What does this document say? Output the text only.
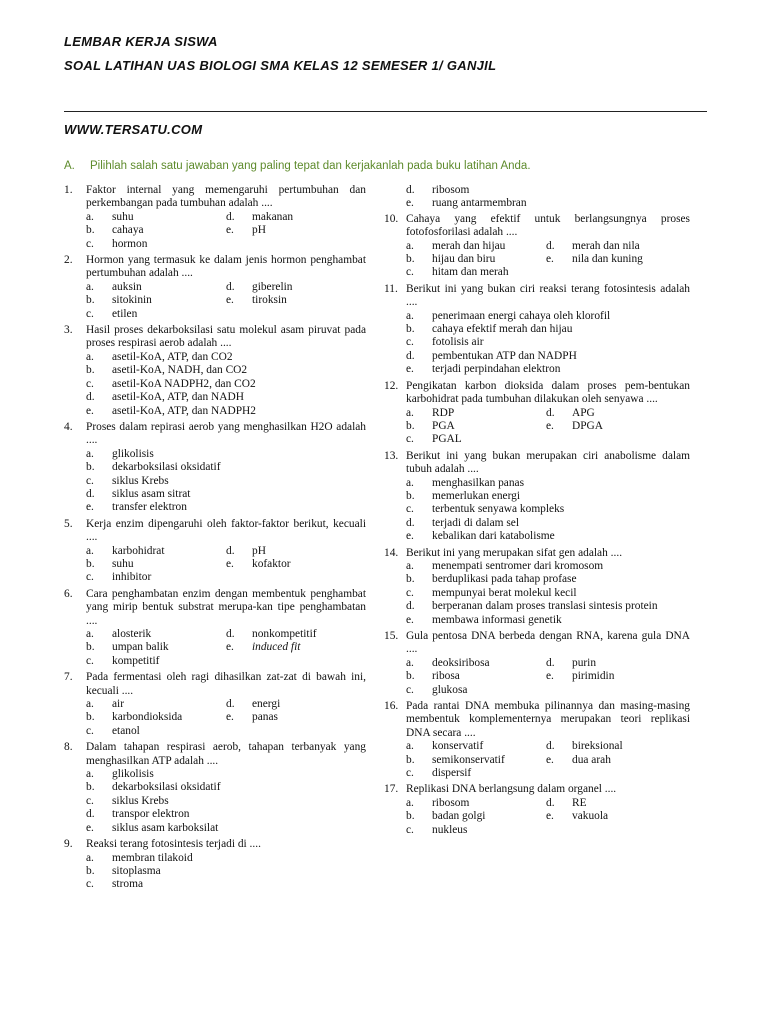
LEMBAR KERJA SISWA
SOAL LATIHAN UAS BIOLOGI SMA KELAS 12 SEMESER 1/ GANJIL
WWW.TERSATU.COM
A. Pilihlah salah satu jawaban yang paling tepat dan kerjakanlah pada buku latihan Anda.
1. Faktor internal yang memengaruhi pertumbuhan dan perkembangan pada tumbuhan adalah ....
a. suhu	d. makanan
b. cahaya	e. pH
c. hormon
2. Hormon yang termasuk ke dalam jenis hormon penghambat pertumbuhan adalah ....
a. auksin	d. giberelin
b. sitokinin	e. tiroksin
c. etilen
3. Hasil proses dekarboksilasi satu molekul asam piruvat pada proses respirasi aerob adalah ....
a. asetil-KoA, ATP, dan CO2
b. asetil-KoA, NADH, dan CO2
c. asetil-KoA NADPH2, dan CO2
d. asetil-KoA, ATP, dan NADH
e. asetil-KoA, ATP, dan NADPH2
4. Proses dalam repirasi aerob yang menghasilkan H2O adalah ....
a. glikolisis
b. dekarboksilasi oksidatif
c. siklus Krebs
d. siklus asam sitrat
e. transfer elektron
5. Kerja enzim dipengaruhi oleh faktor-faktor berikut, kecuali ....
a. karbohidrat	d. pH
b. suhu	e. kofaktor
c. inhibitor
6. Cara penghambatan enzim dengan membentuk penghambat yang mirip bentuk substrat merupa-kan tipe penghambatan ....
a. alosterik	d. nonkompetitif
b. umpan balik	e. induced fit
c. kompetitif
7. Pada fermentasi oleh ragi dihasilkan zat-zat di bawah ini, kecuali ....
a. air	d. energi
b. karbondioksida	e. panas
c. etanol
8. Dalam tahapan respirasi aerob, tahapan terbanyak yang menghasilkan ATP adalah ....
a. glikolisis
b. dekarboksilasi oksidatif
c. siklus Krebs
d. transpor elektron
e. siklus asam karboksilat
9. Reaksi terang fotosintesis terjadi di ....
a. membran tilakoid
b. sitoplasma
c. stroma
d. ribosom
e. ruang antarmembran
10. Cahaya yang efektif untuk berlangsungnya proses fotofosforilasi adalah ....
a. merah dan hijau	d. merah dan nila
b. hijau dan biru	e. nila dan kuning
c. hitam dan merah
11. Berikut ini yang bukan ciri reaksi terang fotosintesis adalah ....
a. penerimaan energi cahaya oleh klorofil
b. cahaya efektif merah dan hijau
c. fotolisis air
d. pembentukan ATP dan NADPH
e. terjadi perpindahan elektron
12. Pengikatan karbon dioksida dalam proses pem-bentukan karbohidrat pada tumbuhan dilakukan oleh senyawa ....
a. RDP	d. APG
b. PGA	e. DPGA
c. PGAL
13. Berikut ini yang bukan merupakan ciri anabolisme dalam tubuh adalah ....
a. menghasilkan panas
b. memerlukan energi
c. terbentuk senyawa kompleks
d. terjadi di dalam sel
e. kebalikan dari katabolisme
14. Berikut ini yang merupakan sifat gen adalah ....
a. menempati sentromer dari kromosom
b. berduplikasi pada tahap profase
c. mempunyai berat molekul kecil
d. berperanan dalam proses translasi sintesis protein
e. membawa informasi genetik
15. Gula pentosa DNA berbeda dengan RNA, karena gula DNA ....
a. deoksiribosa	d. purin
b. ribosa	e. pirimidin
c. glukosa
16. Pada rantai DNA membuka pilinannya dan masing-masing membentuk komplementernya merupakan teori replikasi DNA secara ....
a. konservatif	d. bireksional
b. semikonservatif	e. dua arah
c. dispersif
17. Replikasi DNA berlangsung dalam organel ....
a. ribosom	d. RE
b. badan golgi	e. vakuola
c. nukleus
